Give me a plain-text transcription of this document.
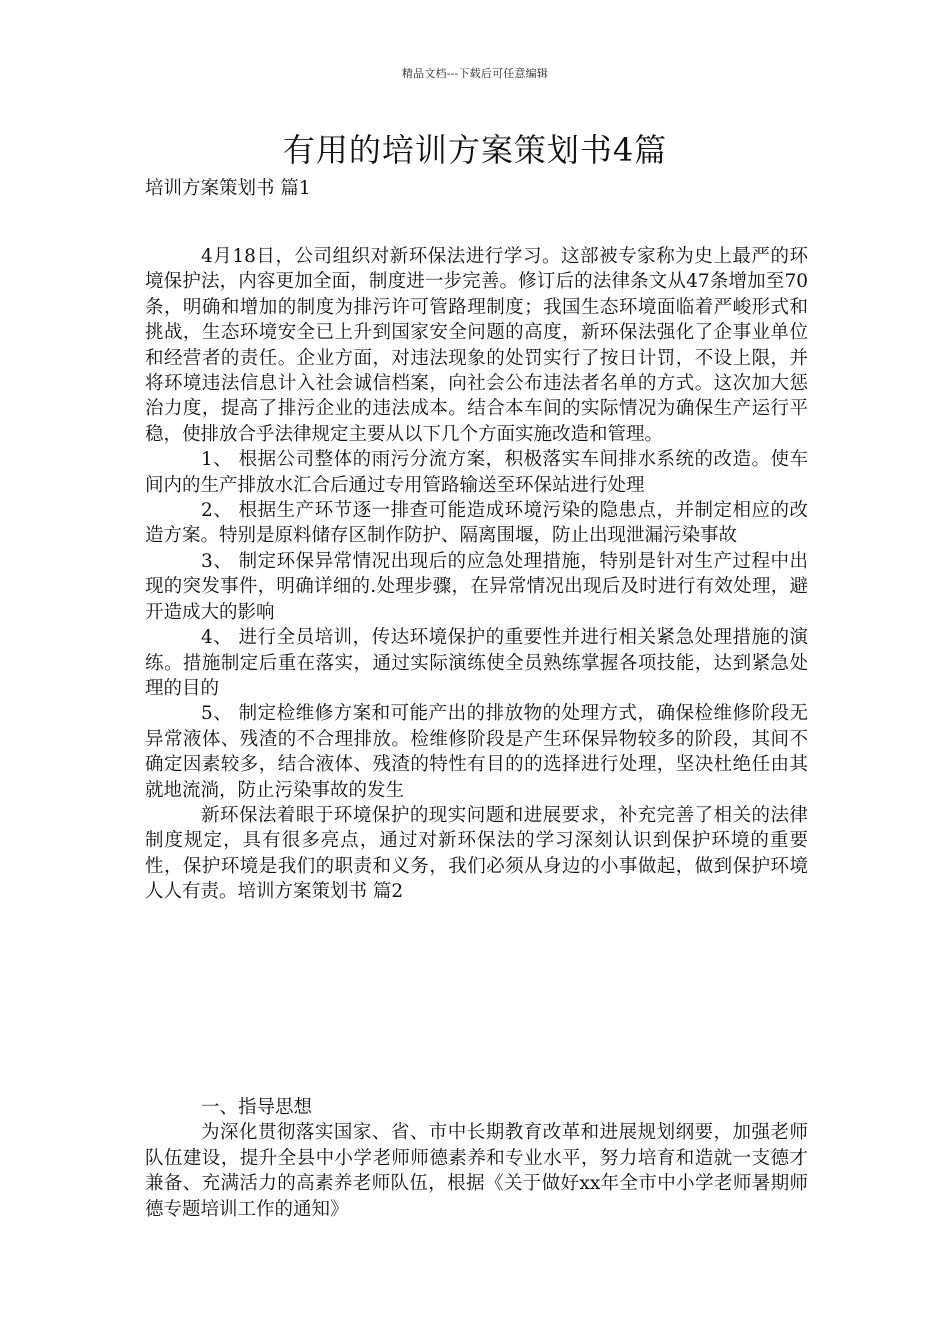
精品文档---下载后可任意编辑
有用的培训方案策划书4篇
培训方案策划书 篇1

4月18日，公司组织对新环保法进行学习。这部被专家称为史上最严的环境保护法，内容更加全面，制度进一步完善。修订后的法律条文从47条增加至70条，明确和增加的制度为排污许可管路理制度；我国生态环境面临着严峻形式和挑战，生态环境安全已上升到国家安全问题的高度，新环保法强化了企事业单位和经营者的责任。企业方面，对违法现象的处罚实行了按日计罚，不设上限，并将环境违法信息计入社会诚信档案，向社会公布违法者名单的方式。这次加大惩治力度，提高了排污企业的违法成本。结合本车间的实际情况为确保生产运行平稳，使排放合乎法律规定主要从以下几个方面实施改造和管理。

1、 根据公司整体的雨污分流方案，积极落实车间排水系统的改造。使车间内的生产排放水汇合后通过专用管路输送至环保站进行处理

2、 根据生产环节逐一排查可能造成环境污染的隐患点，并制定相应的改造方案。特别是原料储存区制作防护、隔离围堰，防止出现泄漏污染事故

3、 制定环保异常情况出现后的应急处理措施，特别是针对生产过程中出现的突发事件，明确详细的.处理步骤，在异常情况出现后及时进行有效处理，避开造成大的影响

4、 进行全员培训，传达环境保护的重要性并进行相关紧急处理措施的演练。措施制定后重在落实，通过实际演练使全员熟练掌握各项技能，达到紧急处理的目的

5、 制定检维修方案和可能产出的排放物的处理方式，确保检维修阶段无异常液体、残渣的不合理排放。检维修阶段是产生环保异物较多的阶段，其间不确定因素较多，结合液体、残渣的特性有目的的选择进行处理，坚决杜绝任由其就地流淌，防止污染事故的发生

新环保法着眼于环境保护的现实问题和进展要求，补充完善了相关的法律制度规定，具有很多亮点，通过对新环保法的学习深刻认识到保护环境的重要性，保护环境是我们的职责和义务，我们必须从身边的小事做起，做到保护环境人人有责。培训方案策划书 篇2

一、指导思想

为深化贯彻落实国家、省、市中长期教育改革和进展规划纲要，加强老师队伍建设，提升全县中小学老师师德素养和专业水平，努力培育和造就一支德才兼备、充满活力的高素养老师队伍，根据《关于做好xx年全市中小学老师暑期师德专题培训工作的通知》
